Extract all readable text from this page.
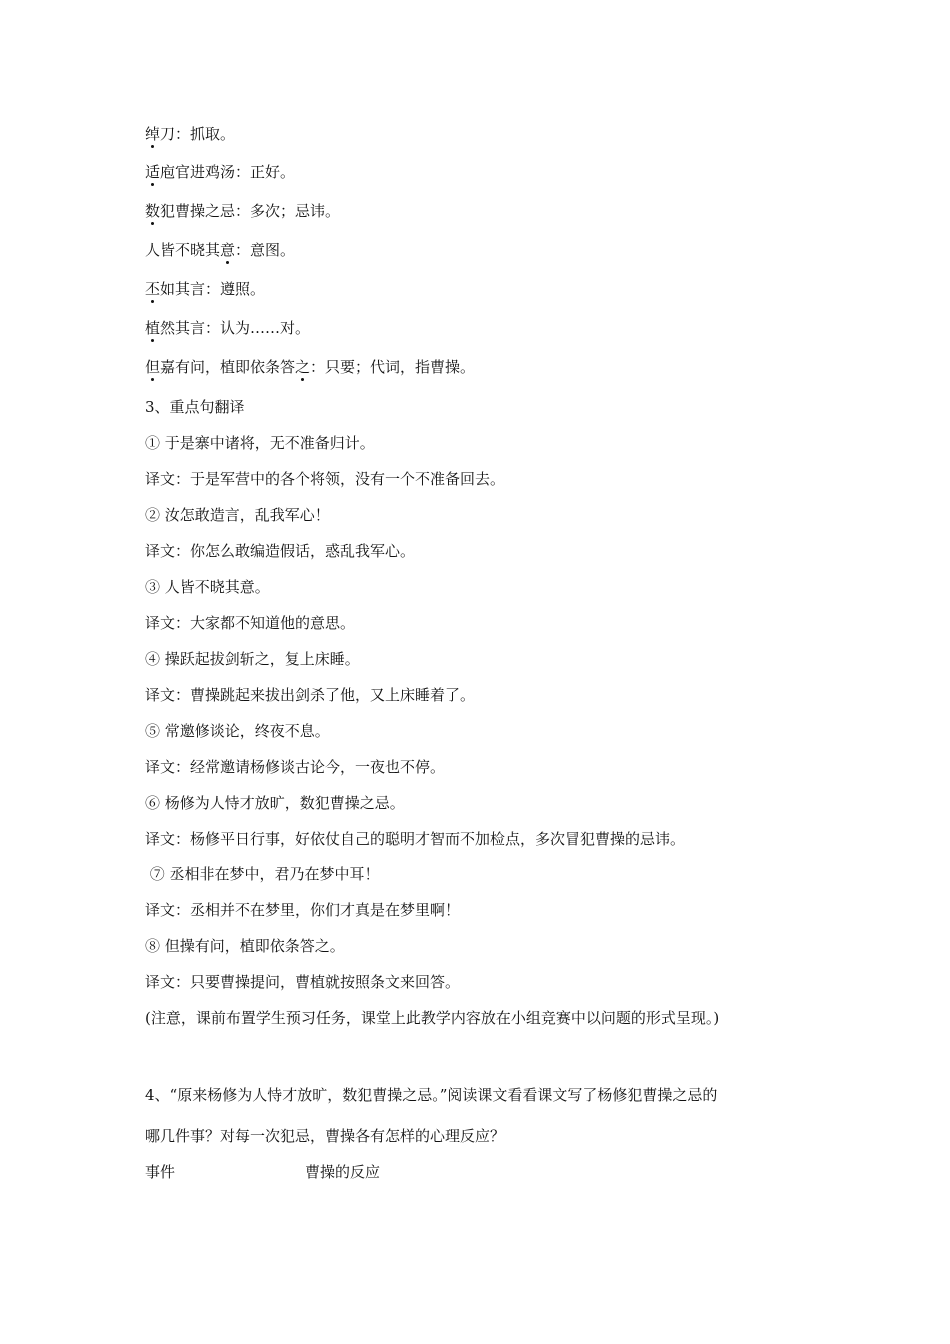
绰刀：抓取。
适庖官进鸡汤：正好。
数犯曹操之忌：多次；忌讳。
人皆不晓其意：意图。
丕如其言：遵照。
植然其言：认为……对。
但嘉有问，植即依条答之：只要；代词，指曹操。
3、重点句翻译
① 于是寨中诸将，无不准备归计。
译文：于是军营中的各个将领，没有一个不准备回去。
② 汝怎敢造言，乱我军心！
译文：你怎么敢编造假话，惑乱我军心。
③ 人皆不晓其意。
译文：大家都不知道他的意思。
④ 操跃起拔剑斩之，复上床睡。
译文：曹操跳起来拔出剑杀了他，又上床睡着了。
⑤ 常邀修谈论，终夜不息。
译文：经常邀请杨修谈古论今，一夜也不停。
⑥ 杨修为人恃才放旷，数犯曹操之忌。
译文：杨修平日行事，好依仗自己的聪明才智而不加检点，多次冒犯曹操的忌讳。
⑦ 丞相非在梦中，君乃在梦中耳！
译文：丞相并不在梦里，你们才真是在梦里啊！
⑧ 但操有问，植即依条答之。
译文：只要曹操提问，曹植就按照条文来回答。
(注意，课前布置学生预习任务，课堂上此教学内容放在小组竞赛中以问题的形式呈现。)
4、“原来杨修为人恃才放旷，数犯曹操之忌。”阅读课文看看课文写了杨修犯曹操之忌的
哪几件事？对每一次犯忌，曹操各有怎样的心理反应？
事件	曹操的反应
